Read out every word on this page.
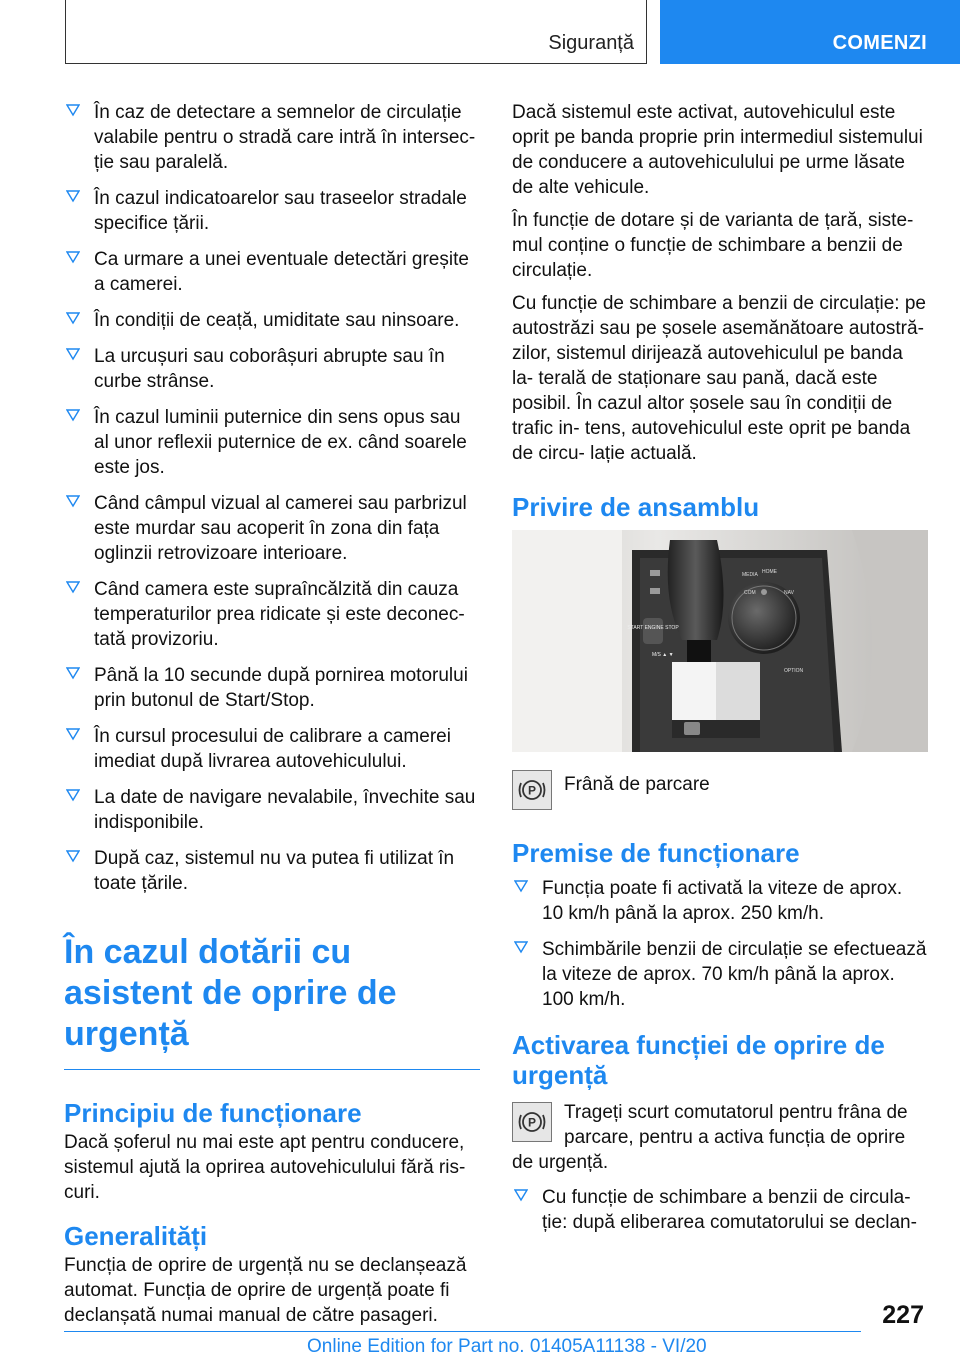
Siguranță	COMENZI
În caz de detectare a semnelor de circulație valabile pentru o stradă care intră în intersec‐ ție sau paralelă.
În cazul indicatoarelor sau traseelor stradale specifice țării.
Ca urmare a unei eventuale detectări greșite a camerei.
În condiții de ceață, umiditate sau ninsoare.
La urcușuri sau coborâșuri abrupte sau în curbe strânse.
În cazul luminii puternice din sens opus sau al unor reflexii puternice de ex. când soarele este jos.
Când câmpul vizual al camerei sau parbrizul este murdar sau acoperit în zona din fața oglinzii retrovizoare interioare.
Când camera este supraîncălzită din cauza temperaturilor prea ridicate și este deconec‐ tată provizoriu.
Până la 10 secunde după pornirea motorului prin butonul de Start/Stop.
În cursul procesului de calibrare a camerei imediat după livrarea autovehiculului.
La date de navigare nevalabile, învechite sau indisponibile.
După caz, sistemul nu va putea fi utilizat în toate țările.
În cazul dotării cu asistent de oprire de urgență
Principiu de funcționare

Dacă șoferul nu mai este apt pentru conducere, sistemul ajută la oprirea autovehiculului fără ris‐ curi.

Generalități

Funcția de oprire de urgență nu se declanșează automat. Funcția de oprire de urgență poate fi declanșată numai manual de către pasageri.

Dacă sistemul este activat, autovehiculul este oprit pe banda proprie prin intermediul sistemului de conducere a autovehiculului pe urme lăsate de alte vehicule.

În funcție de dotare și de varianta de țară, siste‐ mul conține o funcție de schimbare a benzii de circulație.

Cu funcție de schimbare a benzii de circulație: pe autostrăzi sau pe șosele asemănătoare autostră‐ zilor, sistemul dirijează autovehiculul pe banda la‐ terală de staționare sau pană, dacă este posibil. În cazul altor șosele sau în condiții de trafic in‐ tens, autovehiculul este oprit pe banda de circu‐ lație actuală.

Privire de ansamblu
START ENGINE STOP
MEDIA HOME
COM	NAV
BACK	OPTION
M/S ▲ ▼
P Frână de parcare
Premise de funcționare
Funcția poate fi activată la viteze de aprox. 10 km/h până la aprox. 250 km/h.
Schimbările benzii de circulație se efectuează la viteze de aprox. 70 km/h până la aprox. 100 km/h.
Activarea funcției de oprire de urgență
P Trageți scurt comutatorul pentru frâna de parcare, pentru a activa funcția de oprire de urgență.
Cu funcție de schimbare a benzii de circula‐ ție: după eliberarea comutatorului se declan‐
227
Online Edition for Part no. 01405A11138 - VI/20
